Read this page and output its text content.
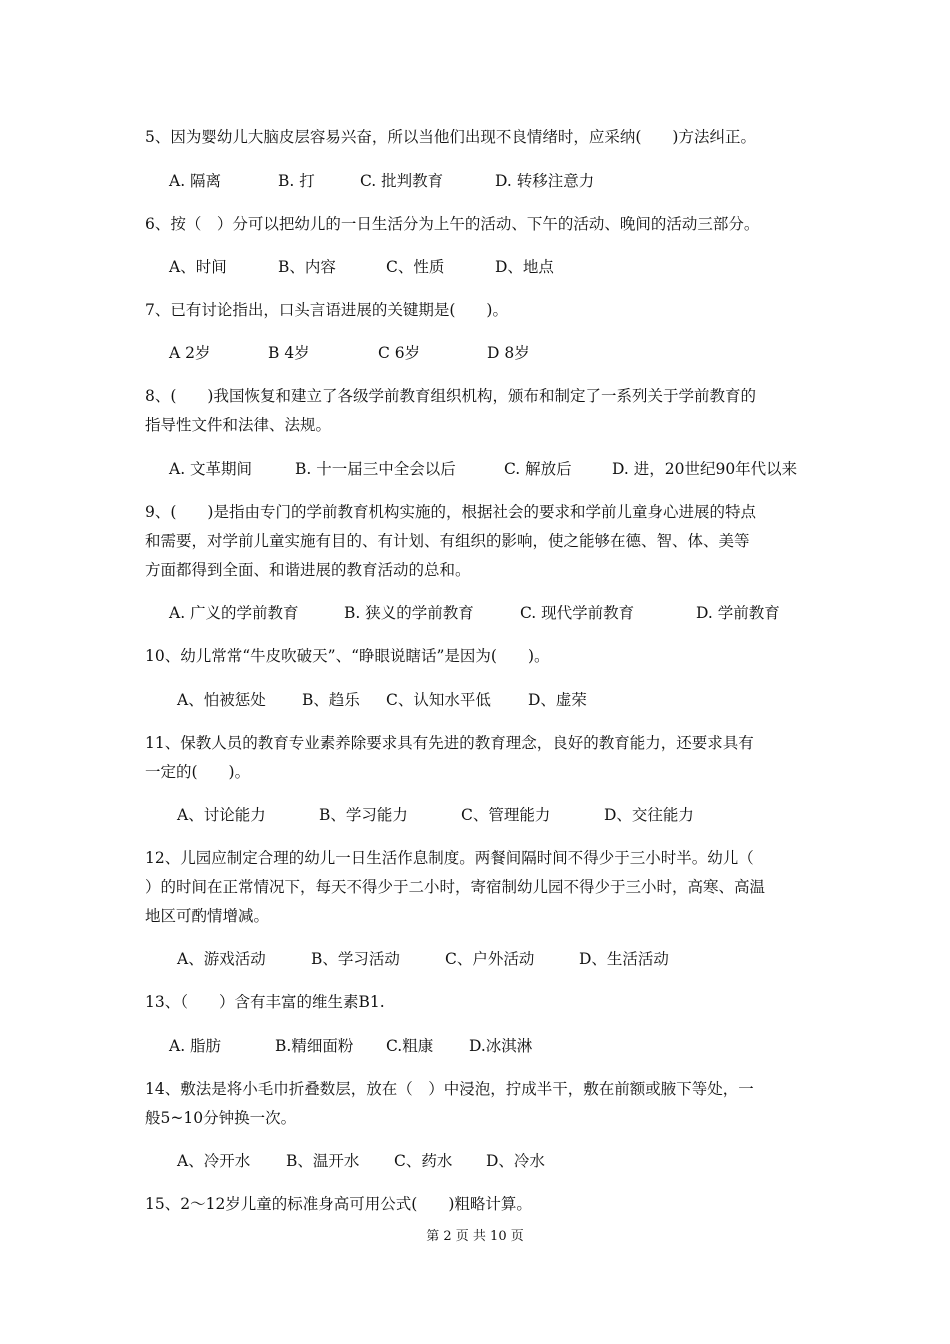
5、因为婴幼儿大脑皮层容易兴奋，所以当他们出现不良情绪时，应采纳(　　)方法纠正。

A. 隔离

	B. 打

	C. 批判教育

	D. 转移注意力

6、按（　）分可以把幼儿的一日生活分为上午的活动、下午的活动、晚间的活动三部分。

A、时间

	B、内容

	C、性质

	D、地点

7、已有讨论指出，口头言语进展的关键期是(　　)。

A 2岁

	B 4岁

	C 6岁

	D 8岁

8、(　　)我国恢复和建立了各级学前教育组织机构，颁布和制定了一系列关于学前教育的
指导性文件和法律、法规。

A. 文革期间

	B. 十一届三中全会以后

	C. 解放后

	D. 进，20世纪90年代以来

9、(　　)是指由专门的学前教育机构实施的，根据社会的要求和学前儿童身心进展的特点
和需要，对学前儿童实施有目的、有计划、有组织的影响，使之能够在德、智、体、美等
方面都得到全面、和谐进展的教育活动的总和。

A. 广义的学前教育

	B. 狭义的学前教育

	C. 现代学前教育

	D. 学前教育

10、幼儿常常“牛皮吹破天”、“睁眼说瞎话”是因为(　　)。

A、怕被惩处

B、趋乐

C、认知水平低

D、虚荣

11、保教人员的教育专业素养除要求具有先进的教育理念，良好的教育能力，还要求具有
一定的(　　)。

A、讨论能力

	B、学习能力

	C、管理能力

	D、交往能力

12、儿园应制定合理的幼儿一日生活作息制度。两餐间隔时间不得少于三小时半。幼儿（
）的时间在正常情况下，每天不得少于二小时，寄宿制幼儿园不得少于三小时，高寒、高温
地区可酌情增减。

A、游戏活动

	B、学习活动

	C、户外活动

	D、生活活动

13、（　　）含有丰富的维生素B1.

A. 脂肪

	B.精细面粉

C.粗康

D.冰淇淋

14、敷法是将小毛巾折叠数层，放在（　）中浸泡，拧成半干，敷在前额或腋下等处，一
般5~10分钟换一次。

A、冷开水

B、温开水

C、药水

D、冷水

15、2～12岁儿童的标准身高可用公式(　　)粗略计算。
第 2 页 共 10 页
